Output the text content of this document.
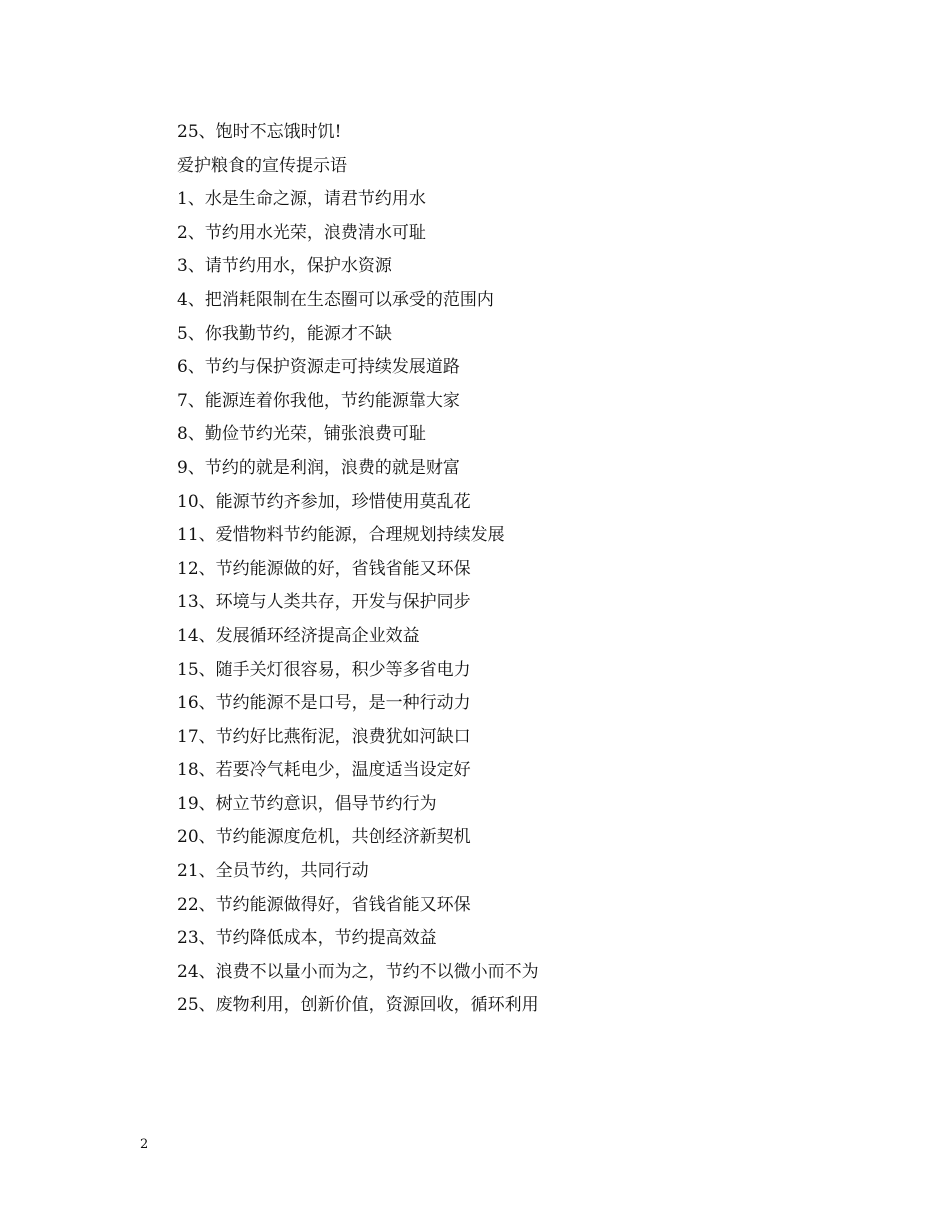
25、饱时不忘饿时饥!
爱护粮食的宣传提示语
1、水是生命之源，请君节约用水
2、节约用水光荣，浪费清水可耻
3、请节约用水，保护水资源
4、把消耗限制在生态圈可以承受的范围内
5、你我勤节约，能源才不缺
6、节约与保护资源走可持续发展道路
7、能源连着你我他，节约能源靠大家
8、勤俭节约光荣，铺张浪费可耻
9、节约的就是利润，浪费的就是财富
10、能源节约齐参加，珍惜使用莫乱花
11、爱惜物料节约能源，合理规划持续发展
12、节约能源做的好，省钱省能又环保
13、环境与人类共存，开发与保护同步
14、发展循环经济提高企业效益
15、随手关灯很容易，积少等多省电力
16、节约能源不是口号，是一种行动力
17、节约好比燕衔泥，浪费犹如河缺口
18、若要冷气耗电少，温度适当设定好
19、树立节约意识，倡导节约行为
20、节约能源度危机，共创经济新契机
21、全员节约，共同行动
22、节约能源做得好，省钱省能又环保
23、节约降低成本，节约提高效益
24、浪费不以量小而为之，节约不以微小而不为
25、废物利用，创新价值，资源回收，循环利用
2
